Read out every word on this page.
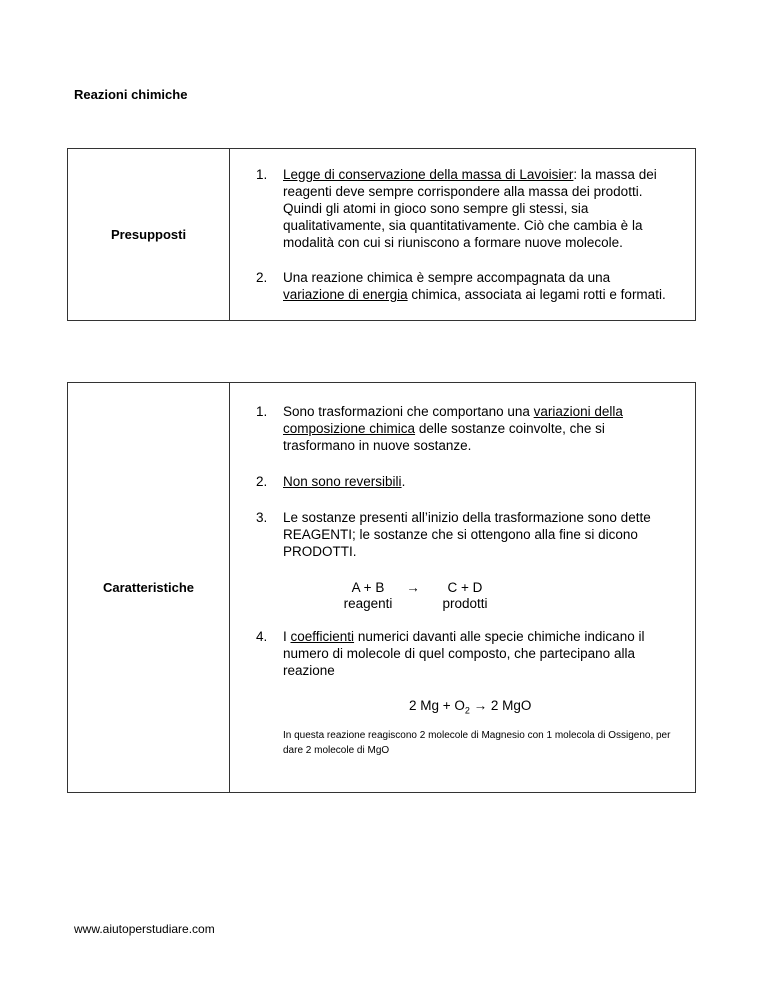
Reazioni chimiche
Presupposti
1.	Legge di conservazione della massa di Lavoisier: la massa dei reagenti deve sempre corrispondere alla massa dei prodotti. Quindi gli atomi in gioco sono sempre gli stessi, sia qualitativamente, sia quantitativamente. Ciò che cambia è la modalità con cui si riuniscono a formare nuove molecole.
2.	Una reazione chimica è sempre accompagnata da una variazione di energia chimica, associata ai legami rotti e formati.
Caratteristiche
1.	Sono trasformazioni che comportano una variazioni della composizione chimica delle sostanze coinvolte, che si trasformano in nuove sostanze.
2.	Non sono reversibili.
3.	Le sostanze presenti all’inizio della trasformazione sono dette REAGENTI; le sostanze che si ottengono alla fine si dicono PRODOTTI.
A + B	→	C + D
reagenti	prodotti
4.	I coefficienti numerici davanti alle specie chimiche indicano il numero di molecole di quel composto, che partecipano alla reazione
2 $Mg + O_2 \to 2$ MgO
In questa reazione reagiscono 2 molecole di Magnesio con 1 molecola di Ossigeno, per dare 2 molecole di MgO
www.aiutoperstudiare.com
